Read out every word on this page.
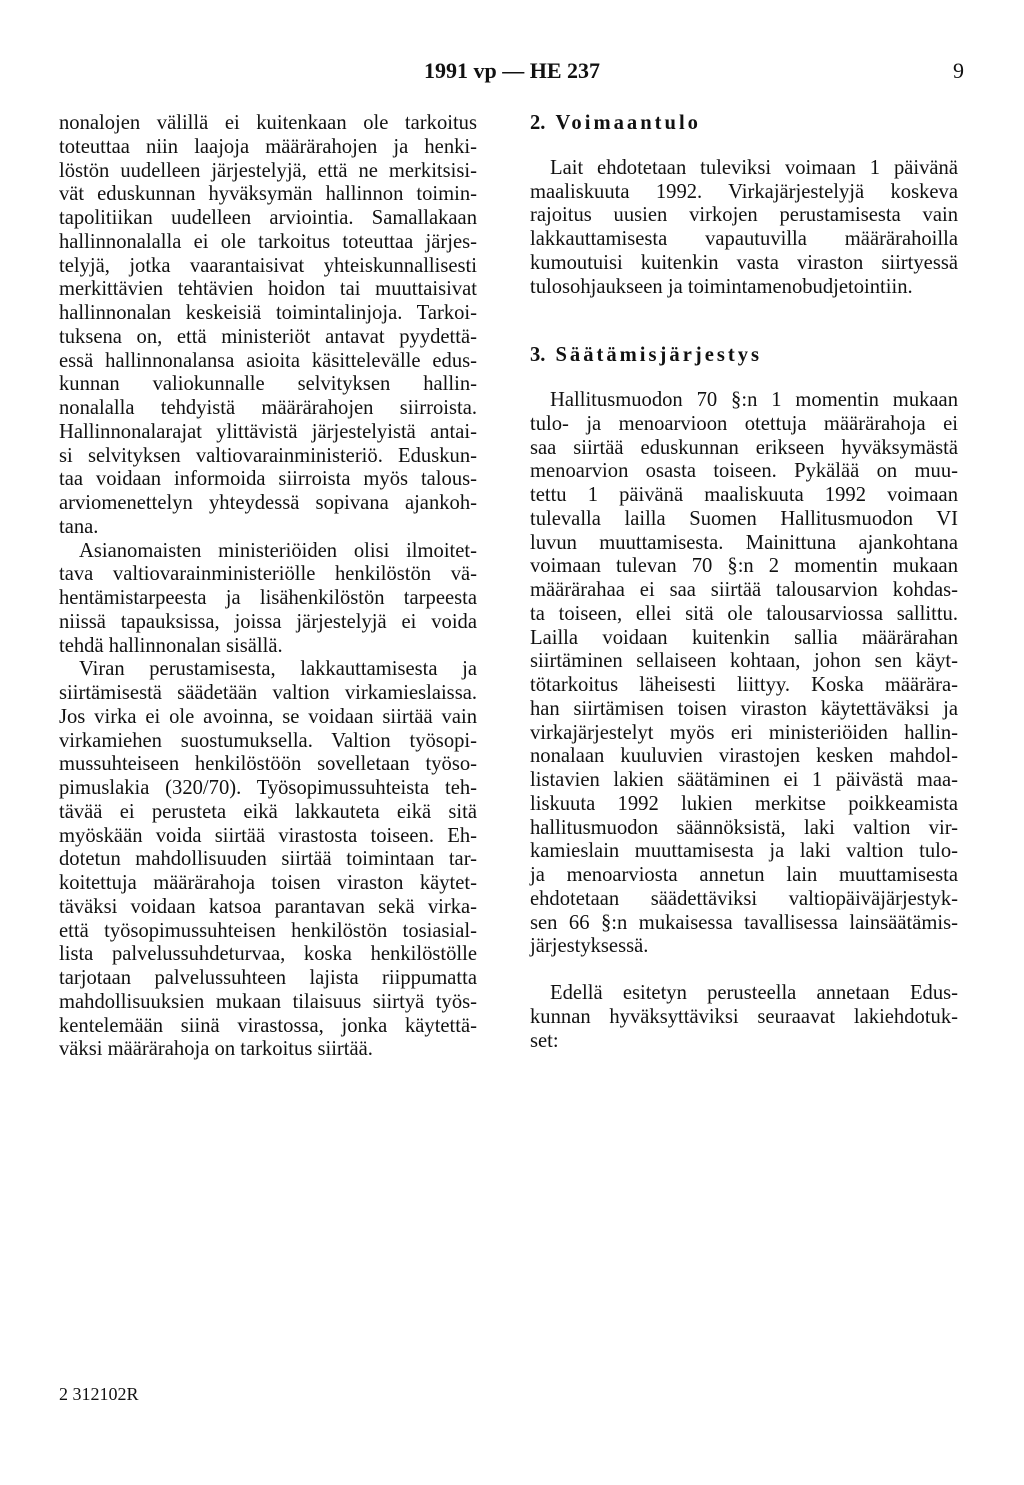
1991 vp — HE 237	9

nonalojen välillä ei kuitenkaan ole tarkoitus
toteuttaa niin laajoja määrärahojen ja henki-
löstön uudelleen järjestelyjä, että ne merkitsisi-
vät eduskunnan hyväksymän hallinnon toimin-
tapolitiikan uudelleen arviointia. Samallakaan
hallinnonalalla ei ole tarkoitus toteuttaa järjes-
telyjä, jotka vaarantaisivat yhteiskunnallisesti
merkittävien tehtävien hoidon tai muuttaisivat
hallinnonalan keskeisiä toimintalinjoja. Tarkoi-
tuksena on, että ministeriöt antavat pyydettä-
essä hallinnonalansa asioita käsittelevälle edus-
kunnan valiokunnalle selvityksen hallin-
nonalalla tehdyistä määrärahojen siirroista.
Hallinnonalarajat ylittävistä järjestelyistä antai-
si selvityksen valtiovarainministeriö. Eduskun-
taa voidaan informoida siirroista myös talous-
arviomenettelyn yhteydessä sopivana ajankoh-
tana.

Asianomaisten ministeriöiden olisi ilmoitet-
tava valtiovarainministeriölle henkilöstön vä-
hentämistarpeesta ja lisähenkilöstön tarpeesta
niissä tapauksissa, joissa järjestelyjä ei voida
tehdä hallinnonalan sisällä.

Viran perustamisesta, lakkauttamisesta ja
siirtämisestä säädetään valtion virkamieslaissa.
Jos virka ei ole avoinna, se voidaan siirtää vain
virkamiehen suostumuksella. Valtion työsopi-
mussuhteiseen henkilöstöön sovelletaan työso-
pimuslakia (320/70). Työsopimussuhteista teh-
tävää ei perusteta eikä lakkauteta eikä sitä
myöskään voida siirtää virastosta toiseen. Eh-
dotetun mahdollisuuden siirtää toimintaan tar-
koitettuja määrärahoja toisen viraston käytet-
täväksi voidaan katsoa parantavan sekä virka-
että työsopimussuhteisen henkilöstön tosiasial-
lista palvelussuhdeturvaa, koska henkilöstölle
tarjotaan palvelussuhteen lajista riippumatta
mahdollisuuksien mukaan tilaisuus siirtyä työs-
kentelemään siinä virastossa, jonka käytettä-
väksi määrärahoja on tarkoitus siirtää.

2. Voimaantulo

Lait ehdotetaan tuleviksi voimaan 1 päivänä
maaliskuuta 1992. Virkajärjestelyjä koskeva
rajoitus uusien virkojen perustamisesta vain
lakkauttamisesta vapautuvilla määrärahoilla
kumoutuisi kuitenkin vasta viraston siirtyessä
tulosohjaukseen ja toimintamenobudjetointiin.

3. Säätämisjärjestys

Hallitusmuodon 70 §:n 1 momentin mukaan
tulo- ja menoarvioon otettuja määrärahoja ei
saa siirtää eduskunnan erikseen hyväksymästä
menoarvion osasta toiseen. Pykälää on muu-
tettu 1 päivänä maaliskuuta 1992 voimaan
tulevalla lailla Suomen Hallitusmuodon VI
luvun muuttamisesta. Mainittuna ajankohtana
voimaan tulevan 70 §:n 2 momentin mukaan
määrärahaa ei saa siirtää talousarvion kohdas-
ta toiseen, ellei sitä ole talousarviossa sallittu.
Lailla voidaan kuitenkin sallia määrärahan
siirtäminen sellaiseen kohtaan, johon sen käyt-
tötarkoitus läheisesti liittyy. Koska määrära-
han siirtämisen toisen viraston käytettäväksi ja
virkajärjestelyt myös eri ministeriöiden hallin-
nonalaan kuuluvien virastojen kesken mahdol-
listavien lakien säätäminen ei 1 päivästä maa-
liskuuta 1992 lukien merkitse poikkeamista
hallitusmuodon säännöksistä, laki valtion vir-
kamieslain muuttamisesta ja laki valtion tulo-
ja menoarviosta annetun lain muuttamisesta
ehdotetaan säädettäviksi valtiopäiväjärjestyk-
sen 66 §:n mukaisessa tavallisessa lainsäätämis-
järjestyksessä.

Edellä esitetyn perusteella annetaan Edus-
kunnan hyväksyttäviksi seuraavat lakiehdotuk-
set:

2 312102R
